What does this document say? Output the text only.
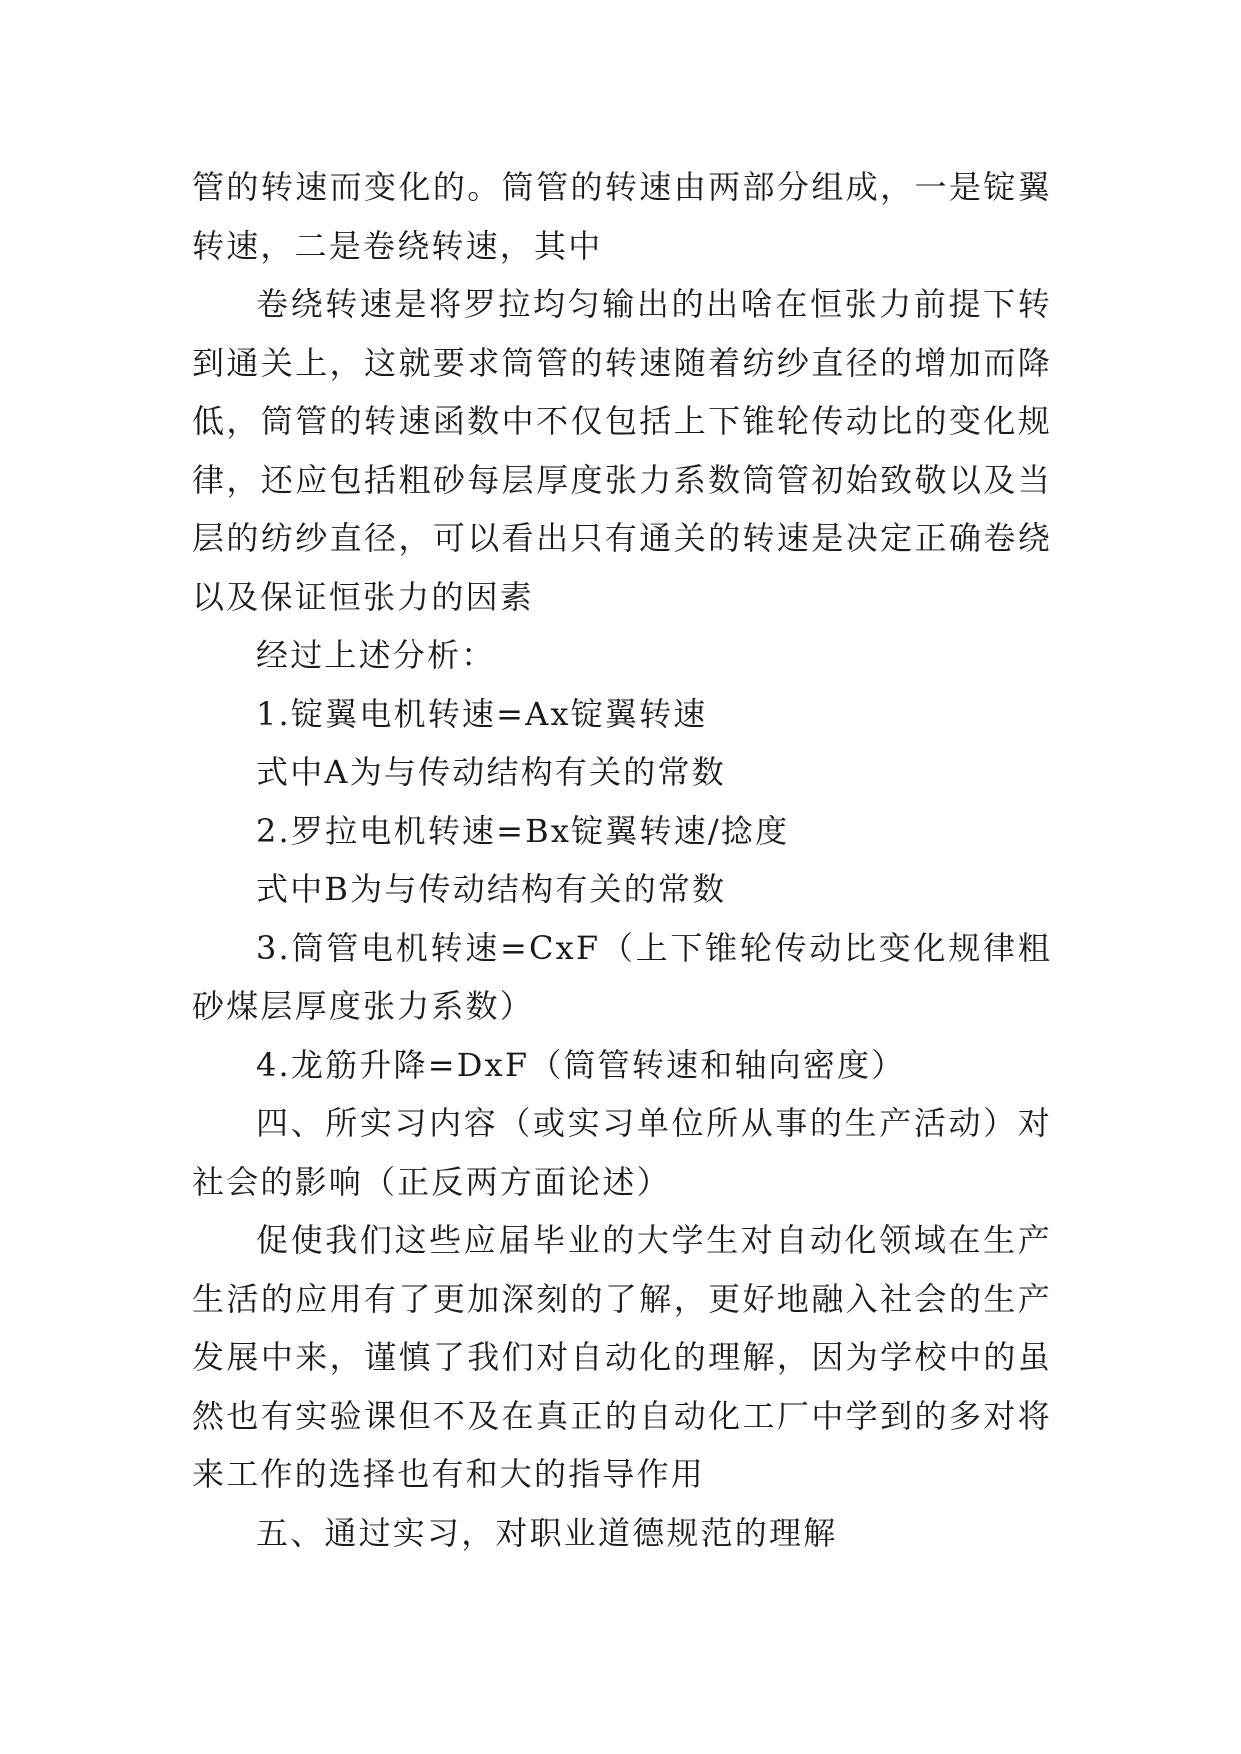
管的转速而变化的。筒管的转速由两部分组成，一是锭翼转速，二是卷绕转速，其中

卷绕转速是将罗拉均匀输出的出啥在恒张力前提下转到通关上，这就要求筒管的转速随着纺纱直径的增加而降低，筒管的转速函数中不仅包括上下锥轮传动比的变化规律，还应包括粗砂每层厚度张力系数筒管初始致敬以及当层的纺纱直径，可以看出只有通关的转速是决定正确卷绕以及保证恒张力的因素

经过上述分析：

1.锭翼电机转速=Ax锭翼转速

式中A为与传动结构有关的常数

2.罗拉电机转速=Bx锭翼转速/捻度

式中B为与传动结构有关的常数

3.筒管电机转速=CxF（上下锥轮传动比变化规律粗砂煤层厚度张力系数）

4.龙筋升降=DxF（筒管转速和轴向密度）

四、所实习内容（或实习单位所从事的生产活动）对社会的影响（正反两方面论述）

促使我们这些应届毕业的大学生对自动化领域在生产生活的应用有了更加深刻的了解，更好地融入社会的生产发展中来，谨慎了我们对自动化的理解，因为学校中的虽然也有实验课但不及在真正的自动化工厂中学到的多对将来工作的选择也有和大的指导作用

五、通过实习，对职业道德规范的理解
